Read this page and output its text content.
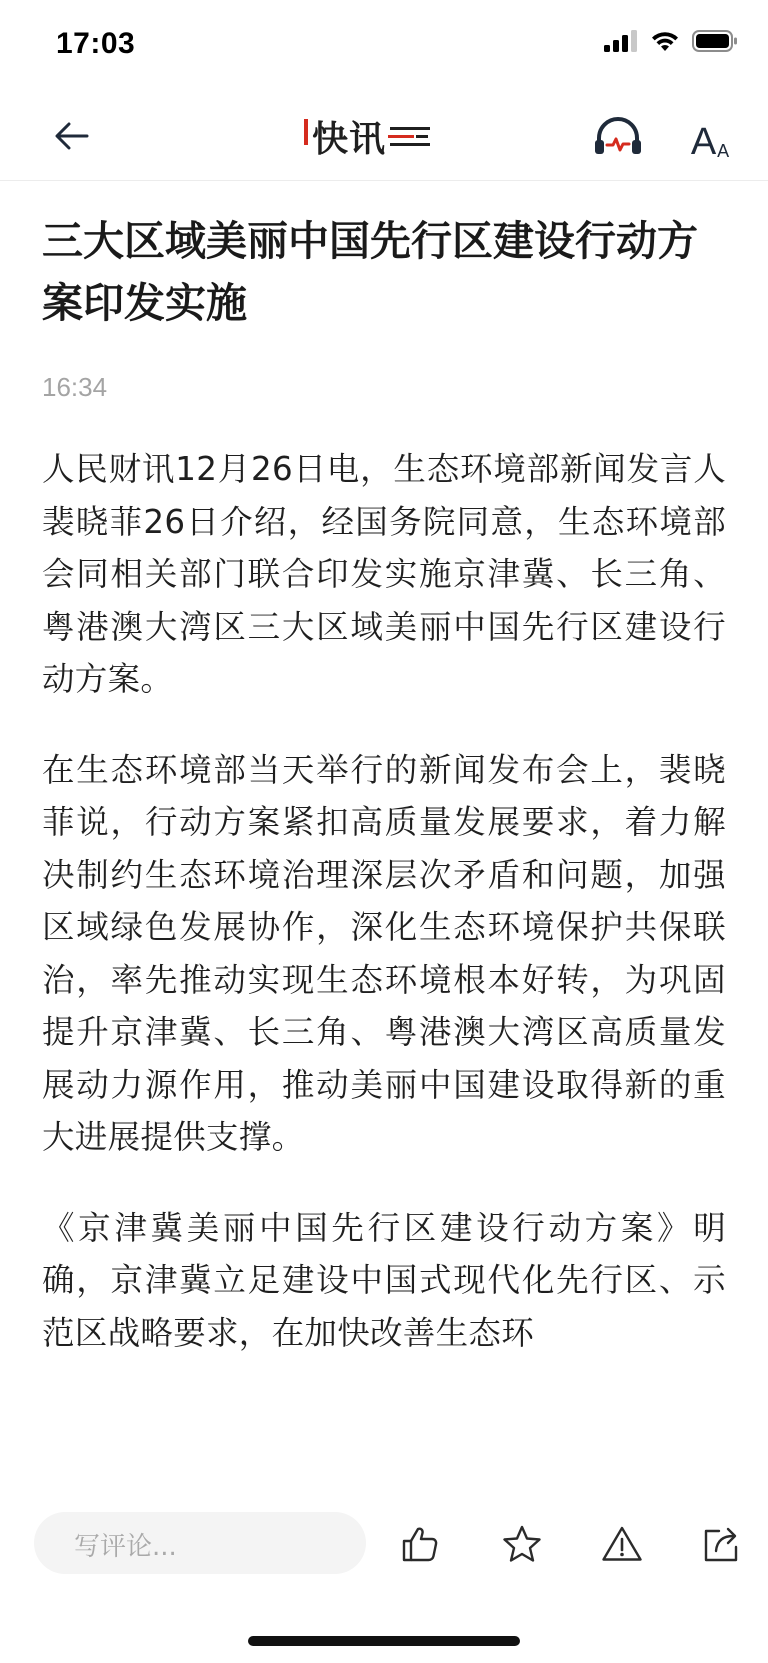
17:03
快讯	A A
三大区域美丽中国先行区建设行动方案印发实施
16:34

人民财讯12月26日电，生态环境部新闻发言人裴晓菲26日介绍，经国务院同意，生态环境部会同相关部门联合印发实施京津冀、长三角、粤港澳大湾区三大区域美丽中国先行区建设行动方案。

在生态环境部当天举行的新闻发布会上，裴晓菲说，行动方案紧扣高质量发展要求，着力解决制约生态环境治理深层次矛盾和问题，加强区域绿色发展协作，深化生态环境保护共保联治，率先推动实现生态环境根本好转，为巩固提升京津冀、长三角、粤港澳大湾区高质量发展动力源作用，推动美丽中国建设取得新的重大进展提供支撑。

《京津冀美丽中国先行区建设行动方案》明确，京津冀立足建设中国式现代化先行区、示范区战略要求，在加快改善生态环

写评论...
